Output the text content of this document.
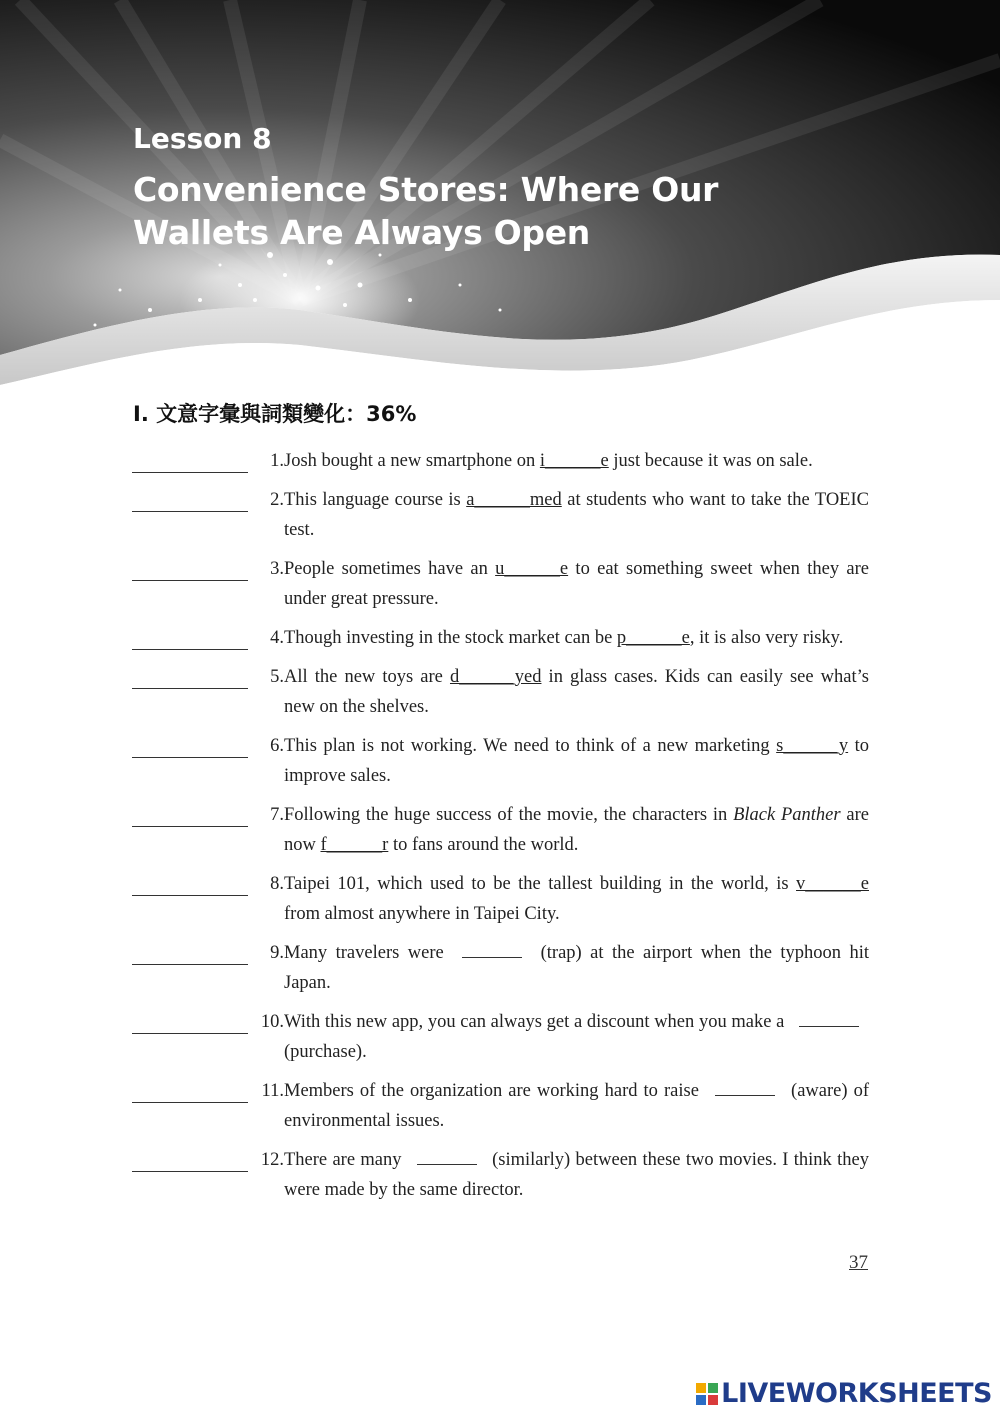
Lesson 8
Convenience Stores: Where Our
Wallets Are Always Open
I. 文意字彙與詞類變化：36%
1. Josh bought a new smartphone on i______e just because it was on sale.
2. This language course is a______med at students who want to take the TOEIC test.
3. People sometimes have an u______e to eat something sweet when they are under great pressure.
4. Though investing in the stock market can be p______e, it is also very risky.
5. All the new toys are d______yed in glass cases. Kids can easily see what’s new on the shelves.
6. This plan is not working. We need to think of a new marketing s______y to improve sales.
7. Following the huge success of the movie, the characters in Black Panther are now f______r to fans around the world.
8. Taipei 101, which used to be the tallest building in the world, is v______e from almost anywhere in Taipei City.
9. Many travelers were	(trap) at the airport when the typhoon hit Japan.
10. With this new app, you can always get a discount when you make a  (purchase).
11. Members of the organization are working hard to raise	(aware) of environmental issues.
12. There are many	(similarly) between these two movies. I think they were made by the same director.
37
LIVEWORKSHEETS
